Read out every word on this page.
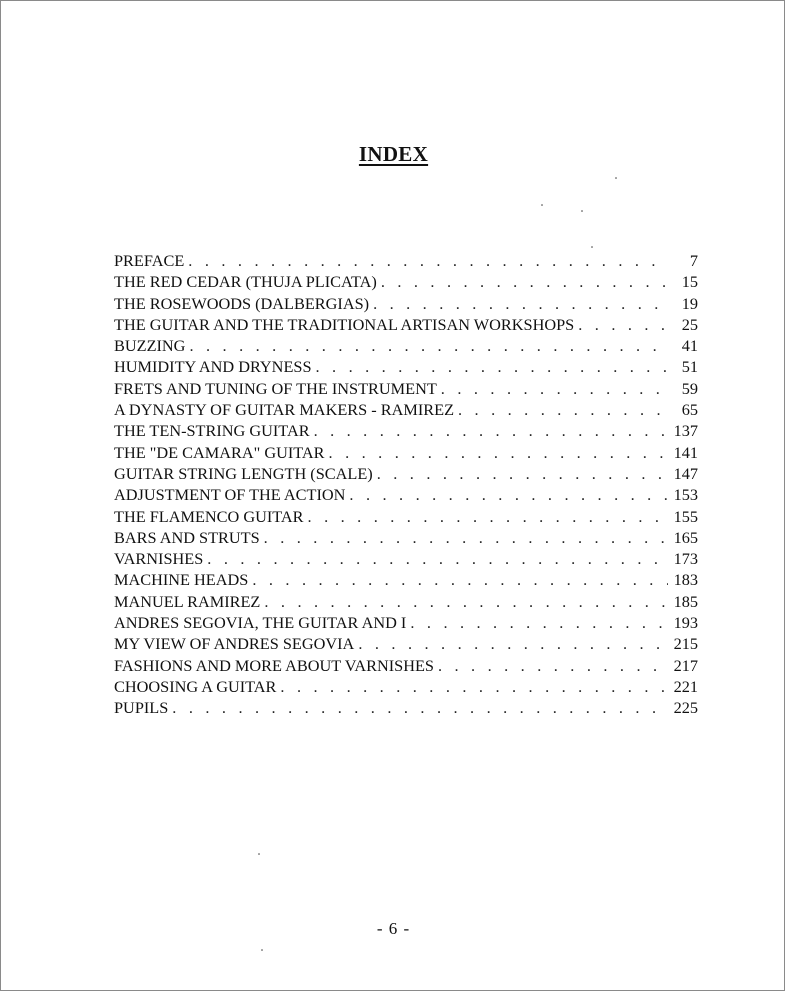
INDEX
PREFACE . . .	7
THE RED CEDAR (THUJA PLICATA) . . .	15
THE ROSEWOODS (DALBERGIAS) . . .	19
THE GUITAR AND THE TRADITIONAL ARTISAN WORKSHOPS . . .	25
BUZZING . . .	41
HUMIDITY AND DRYNESS . . .	51
FRETS AND TUNING OF THE INSTRUMENT . . .	59
A DYNASTY OF GUITAR MAKERS - RAMIREZ . . .	65
THE TEN-STRING GUITAR . . .	137
THE "DE CAMARA" GUITAR . . .	141
GUITAR STRING LENGTH (SCALE) . . .	147
ADJUSTMENT OF THE ACTION . . .	153
THE FLAMENCO GUITAR . . .	155
BARS AND STRUTS . . .	165
VARNISHES . . .	173
MACHINE HEADS . . .	183
MANUEL RAMIREZ . . .	185
ANDRES SEGOVIA, THE GUITAR AND I . . .	193
MY VIEW OF ANDRES SEGOVIA . . .	215
FASHIONS AND MORE ABOUT VARNISHES . . .	217
CHOOSING A GUITAR . . .	221
PUPILS . . .	225
- 6 -
